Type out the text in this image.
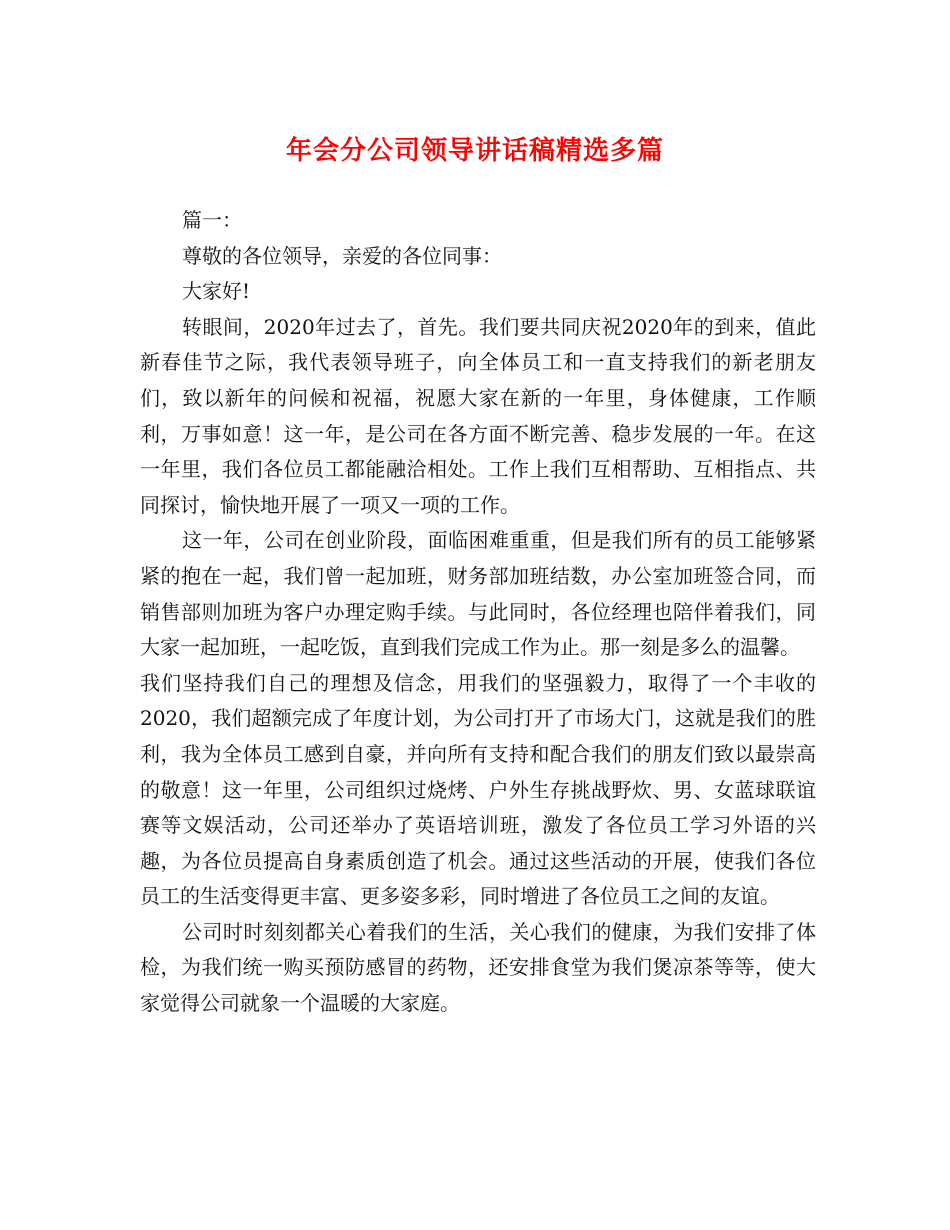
年会分公司领导讲话稿精选多篇

篇一：

尊敬的各位领导，亲爱的各位同事：

大家好!

转眼间，2020年过去了，首先。我们要共同庆祝2020年的到来，值此新春佳节之际，我代表领导班子，向全体员工和一直支持我们的新老朋友们，致以新年的问候和祝福，祝愿大家在新的一年里，身体健康，工作顺利，万事如意！这一年，是公司在各方面不断完善、稳步发展的一年。在这一年里，我们各位员工都能融洽相处。工作上我们互相帮助、互相指点、共同探讨，愉快地开展了一项又一项的工作。

这一年，公司在创业阶段，面临困难重重，但是我们所有的员工能够紧紧的抱在一起，我们曾一起加班，财务部加班结数，办公室加班签合同，而销售部则加班为客户办理定购手续。与此同时，各位经理也陪伴着我们，同大家一起加班，一起吃饭，直到我们完成工作为止。那一刻是多么的温馨。

我们坚持我们自己的理想及信念，用我们的坚强毅力，取得了一个丰收的2020，我们超额完成了年度计划，为公司打开了市场大门，这就是我们的胜利，我为全体员工感到自豪，并向所有支持和配合我们的朋友们致以最崇高的敬意！这一年里，公司组织过烧烤、户外生存挑战野炊、男、女蓝球联谊赛等文娱活动，公司还举办了英语培训班，激发了各位员工学习外语的兴趣，为各位员提高自身素质创造了机会。通过这些活动的开展，使我们各位员工的生活变得更丰富、更多姿多彩，同时增进了各位员工之间的友谊。

公司时时刻刻都关心着我们的生活，关心我们的健康，为我们安排了体检，为我们统一购买预防感冒的药物，还安排食堂为我们煲凉茶等等，使大家觉得公司就象一个温暖的大家庭。
